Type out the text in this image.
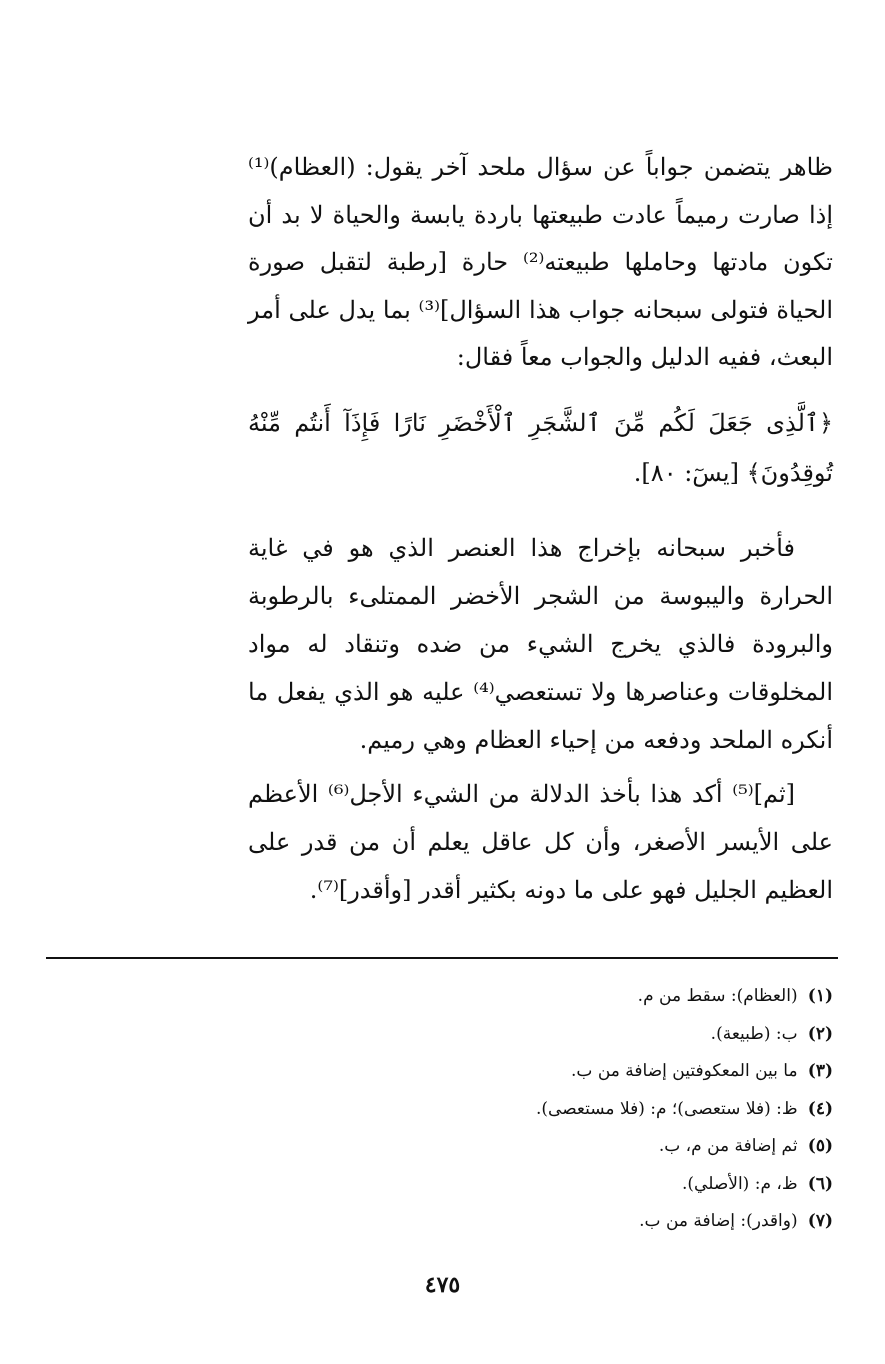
ظاهر يتضمن جواباً عن سؤال ملحد آخر يقول: (العظام)⁽¹⁾ إذا صارت رميماً عادت طبيعتها باردة يابسة والحياة لا بد أن تكون مادتها وحاملها طبيعته⁽²⁾ حارة [رطبة لتقبل صورة الحياة فتولى سبحانه جواب هذا السؤال]⁽³⁾ بما يدل على أمر البعث، ففيه الدليل والجواب معاً فقال:

﴿ٱلَّذِى جَعَلَ لَكُم مِّنَ ٱلشَّجَرِ ٱلْأَخْضَرِ نَارًا فَإِذَآ أَنتُم مِّنْهُ تُوقِدُونَ﴾ [يسٓ: ٨٠].

فأخبر سبحانه بإخراج هذا العنصر الذي هو في غاية الحرارة واليبوسة من الشجر الأخضر الممتلىء بالرطوبة والبرودة فالذي يخرج الشيء من ضده وتنقاد له مواد المخلوقات وعناصرها ولا تستعصي⁽⁴⁾ عليه هو الذي يفعل ما أنكره الملحد ودفعه من إحياء العظام وهي رميم.

[ثم]⁽⁵⁾ أكد هذا بأخذ الدلالة من الشيء الأجل⁽⁶⁾ الأعظم على الأيسر الأصغر، وأن كل عاقل يعلم أن من قدر على العظيم الجليل فهو على ما دونه بكثير أقدر [وأقدر]⁽⁷⁾.

(١) (العظام): سقط من م.
(٢) ب: (طبيعة).
(٣) ما بين المعكوفتين إضافة من ب.
(٤) ظ: (فلا ستعصى)؛ م: (فلا مستعصى).
(٥) ثم إضافة من م، ب.
(٦) ظ، م: (الأصلي).
(٧) (واقدر): إضافة من ب.
٤٧٥
